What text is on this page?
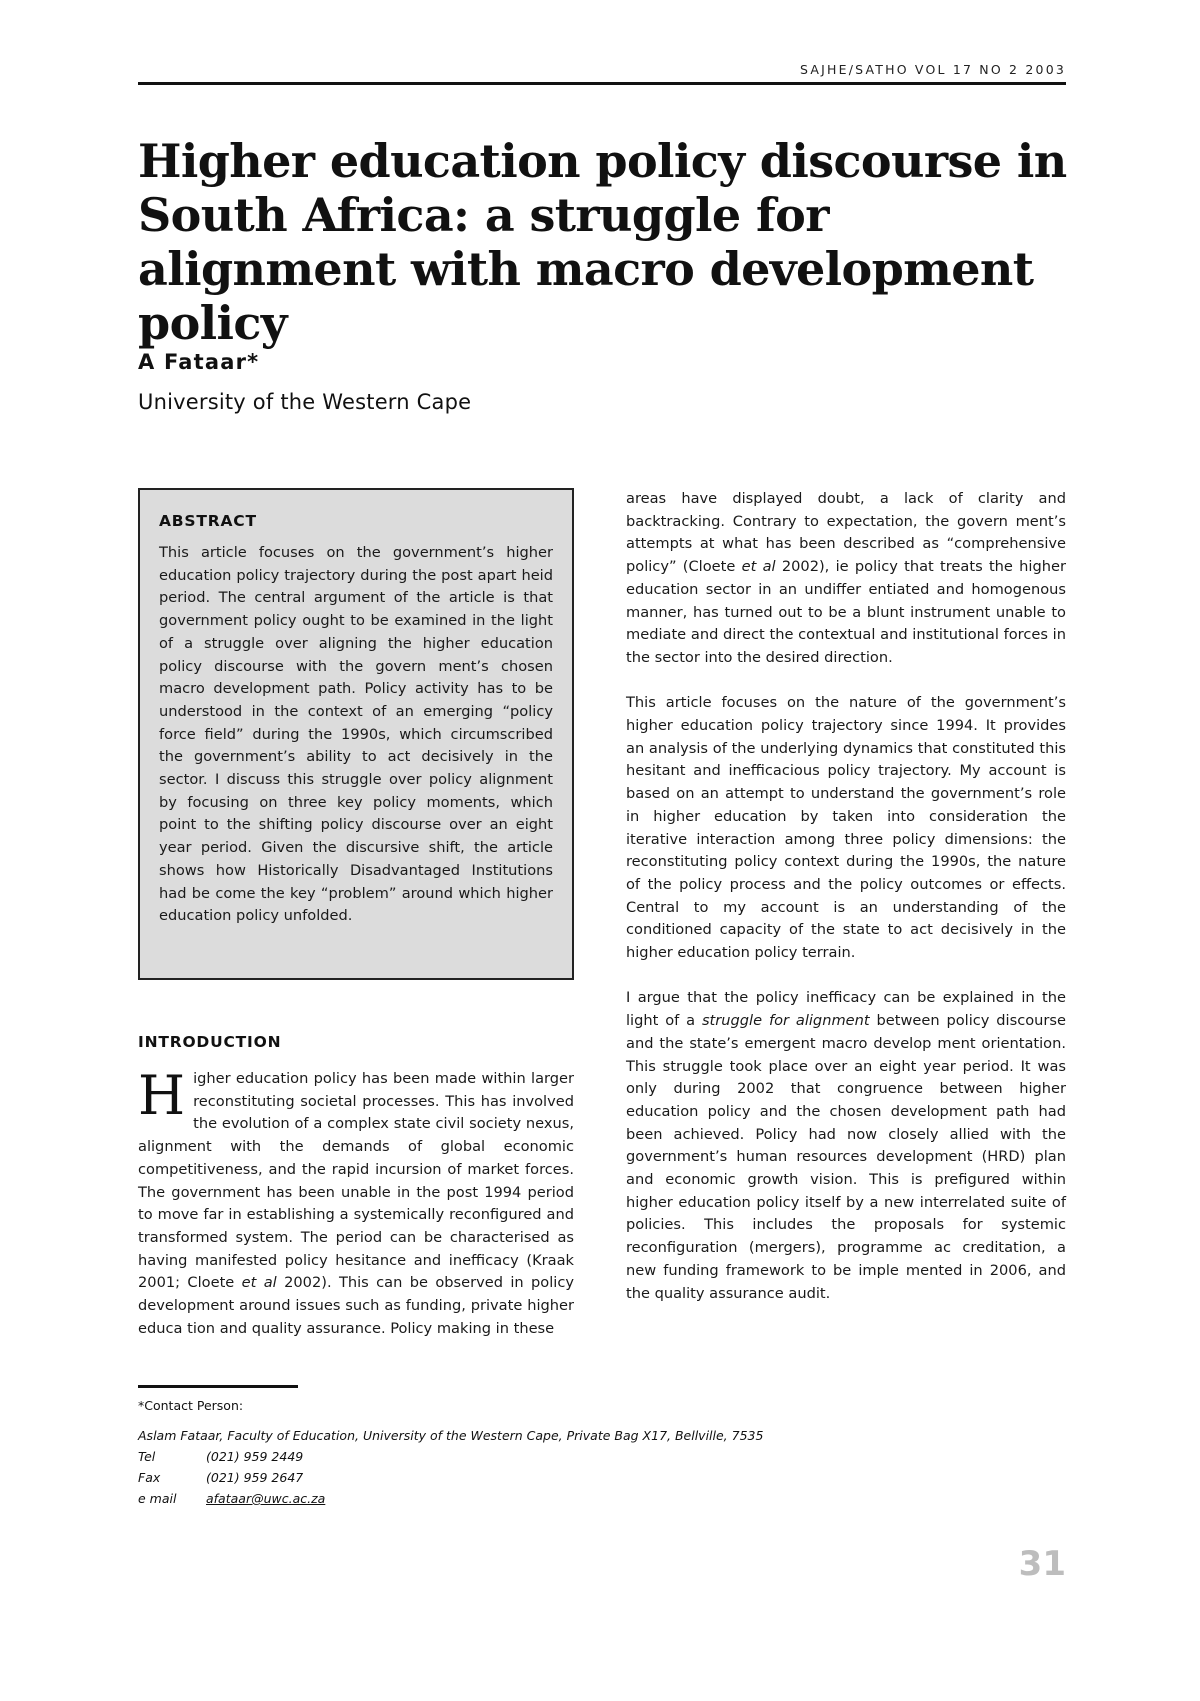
SAJHE/SATHO VOL 17 NO 2 2003
Higher education policy discourse in South Africa: a struggle for alignment with macro development policy

A Fataar*

University of the Western Cape

ABSTRACT

This article focuses on the government’s higher education policy trajectory during the post apart heid period. The central argument of the article is that government policy ought to be examined in the light of a struggle over aligning the higher education policy discourse with the govern ment’s chosen macro development path. Policy activity has to be understood in the context of an emerging “policy force field” during the 1990s, which circumscribed the government’s ability to act decisively in the sector. I discuss this struggle over policy alignment by focusing on three key policy moments, which point to the shifting policy discourse over an eight year period. Given the discursive shift, the article shows how Historically Disadvantaged Institutions had be come the key “problem” around which higher education policy unfolded.

INTRODUCTION

Higher education policy has been made within larger reconstituting societal processes. This has involved the evolution of a complex state civil society nexus, alignment with the demands of global economic competitiveness, and the rapid incursion of market forces. The government has been unable in the post 1994 period to move far in establishing a systemically reconfigured and transformed system. The period can be characterised as having manifested policy hesitance and inefficacy (Kraak 2001; Cloete et al 2002). This can be observed in policy development around issues such as funding, private higher educa tion and quality assurance. Policy making in these

areas have displayed doubt, a lack of clarity and backtracking. Contrary to expectation, the govern ment’s attempts at what has been described as “comprehensive policy” (Cloete et al 2002), ie policy that treats the higher education sector in an undiffer entiated and homogenous manner, has turned out to be a blunt instrument unable to mediate and direct the contextual and institutional forces in the sector into the desired direction.

This article focuses on the nature of the government’s higher education policy trajectory since 1994. It provides an analysis of the underlying dynamics that constituted this hesitant and inefficacious policy trajectory. My account is based on an attempt to understand the government’s role in higher education by taken into consideration the iterative interaction among three policy dimensions: the reconstituting policy context during the 1990s, the nature of the policy process and the policy outcomes or effects. Central to my account is an understanding of the conditioned capacity of the state to act decisively in the higher education policy terrain.

I argue that the policy inefficacy can be explained in the light of a struggle for alignment between policy discourse and the state’s emergent macro develop ment orientation. This struggle took place over an eight year period. It was only during 2002 that congruence between higher education policy and the chosen development path had been achieved. Policy had now closely allied with the government’s human resources development (HRD) plan and economic growth vision. This is prefigured within higher education policy itself by a new interrelated suite of policies. This includes the proposals for systemic reconfiguration (mergers), programme ac creditation, a new funding framework to be imple mented in 2006, and the quality assurance audit.

*Contact Person:

Aslam Fataar, Faculty of Education, University of the Western Cape, Private Bag X17, Bellville, 7535

Tel	(021) 959 2449

Fax	(021) 959 2647

e mail afataar@uwc.ac.za

31
